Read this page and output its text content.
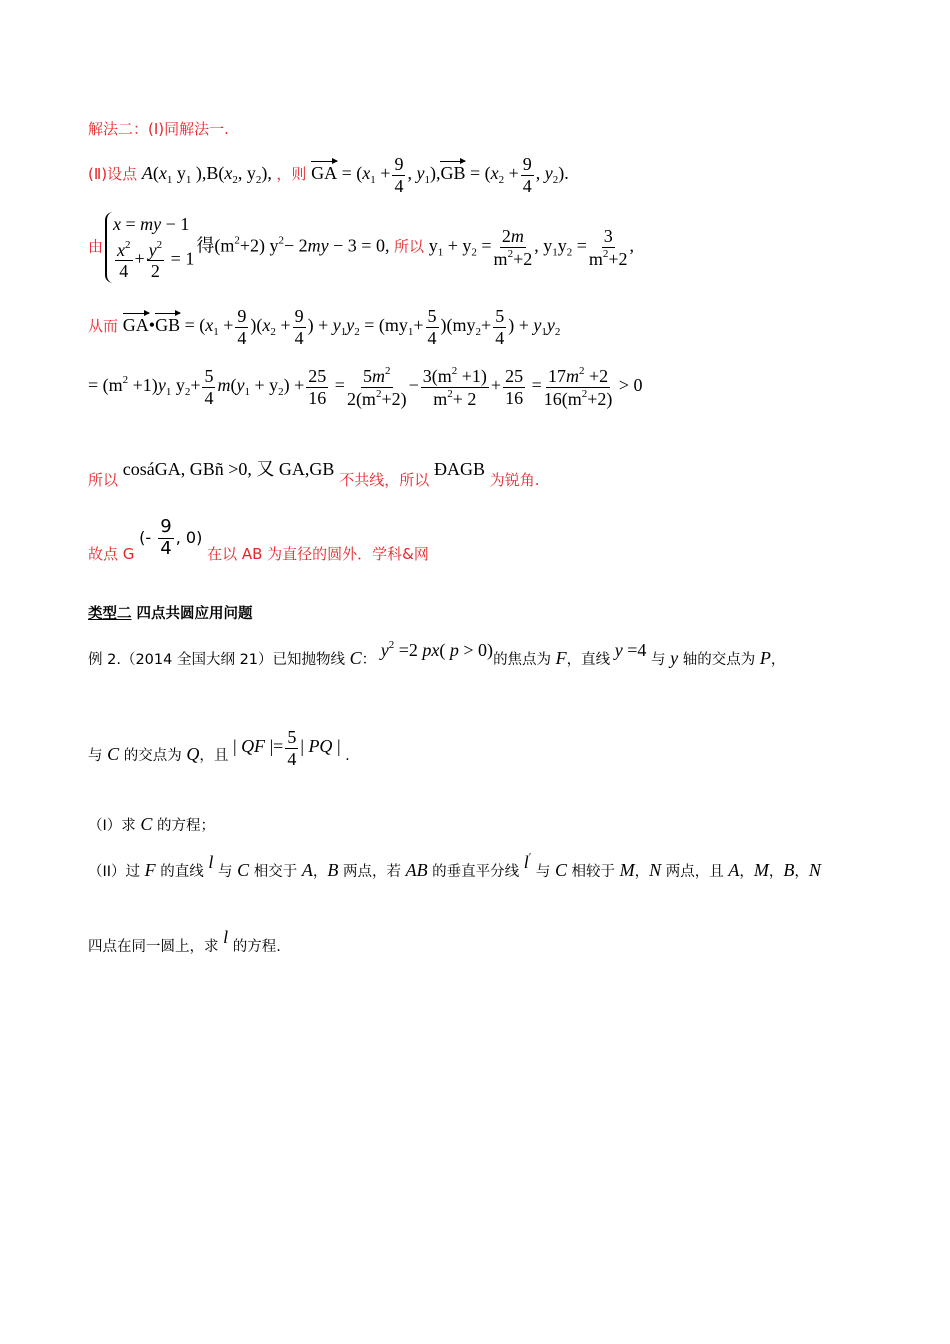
解法二：(Ⅰ)同解法一.
(Ⅱ)设点 $A(x_1$ $y_1$ )$,B(x_2$, $y_2$), ，则 GA = ($x_1 + \frac{9}{4}$ , $y_1),GB = (x_2 + \frac{9}{4}$ , $y_2$).
由
x = my − 1
$\frac{x^2}{4} + \frac{y^2}{2} = 1$
得$(m^2+2)$ $y^2- 2my - 3 = 0$, 所以 $y_1 + y_2 = \frac{2m}{m^2+2}$ , $y_1y_2 = \frac{3}{m^2+2}$ ,
从而 GA•GB = $(x_1 + \frac{9}{4} )(x_2 + \frac{9}{4}$ ) + $y_1y_2 = (my_1+ \frac{5}{4} )(my_2+ \frac{5}{4}$ ) + $y_1y_2$
= $(m^2 +1)y_1$ $y_2+ \frac{5}{4} m(y_1 + y_2) + \frac{25}{16} = \frac{5m^2}{2(m^2+2)} - \frac{3(m^2 +1)}{m^2+ 2} + \frac{25}{16} = \frac{17m^2 +2}{16(m^2+2)} > 0$
所以 cosáGA, GBñ >0, 又 GA,GB 不共线，所以 ÐAGB 为锐角.
故点 G (- $\frac{9}{4}$ , 0) 在以 AB 为直径的圆外．学科&网
类型二 四点共圆应用问题
例 2.（2014 全国大纲 21）已知抛物线 C： $y^2 =2$ px( p > 0)的焦点为 F，直线 y =4 与 y 轴的交点为 P，
与 C 的交点为 Q，且 | QF |= $\frac{5}{4}$ | PQ | .
（I）求 C 的方程；
（II）过 F 的直线 l 与 C 相交于 A，B 两点，若 AB 的垂直平分线 l′ 与 C 相较于 M，N 两点，且 A，M，B，N
四点在同一圆上，求 l 的方程.
